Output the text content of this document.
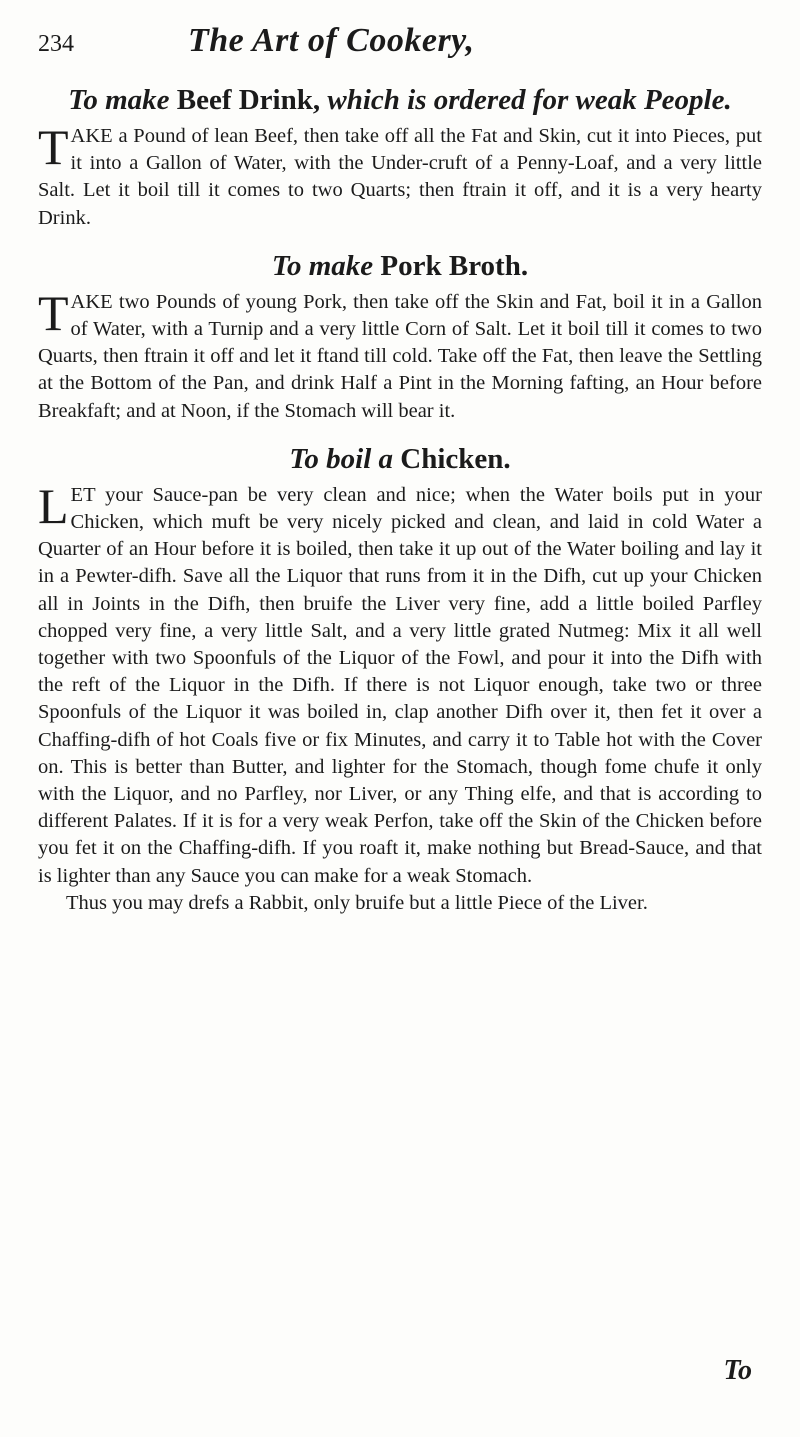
234	The Art of Cookery,
To make Beef Drink, which is ordered for weak People.

TAKE a Pound of lean Beef, then take off all the Fat and Skin, cut it into Pieces, put it into a Gallon of Water, with the Under-cruft of a Penny-Loaf, and a very little Salt. Let it boil till it comes to two Quarts; then ftrain it off, and it is a very hearty Drink.

To make Pork Broth.

TAKE two Pounds of young Pork, then take off the Skin and Fat, boil it in a Gallon of Water, with a Turnip and a very little Corn of Salt. Let it boil till it comes to two Quarts, then ftrain it off and let it ftand till cold. Take off the Fat, then leave the Settling at the Bottom of the Pan, and drink Half a Pint in the Morning fafting, an Hour before Breakfaft; and at Noon, if the Stomach will bear it.

To boil a Chicken.

LET your Sauce-pan be very clean and nice; when the Water boils put in your Chicken, which muft be very nicely picked and clean, and laid in cold Water a Quarter of an Hour before it is boiled, then take it up out of the Water boiling and lay it in a Pewter-difh. Save all the Liquor that runs from it in the Difh, cut up your Chicken all in Joints in the Difh, then bruife the Liver very fine, add a little boiled Parfley chopped very fine, a very little Salt, and a very little grated Nutmeg: Mix it all well together with two Spoonfuls of the Liquor of the Fowl, and pour it into the Difh with the reft of the Liquor in the Difh. If there is not Liquor enough, take two or three Spoonfuls of the Liquor it was boiled in, clap another Difh over it, then fet it over a Chaffing-difh of hot Coals five or fix Minutes, and carry it to Table hot with the Cover on. This is better than Butter, and lighter for the Stomach, though fome chufe it only with the Liquor, and no Parfley, nor Liver, or any Thing elfe, and that is according to different Palates. If it is for a very weak Perfon, take off the Skin of the Chicken before you fet it on the Chaffing-difh. If you roaft it, make nothing but Bread-Sauce, and that is lighter than any Sauce you can make for a weak Stomach.

Thus you may drefs a Rabbit, only bruife but a little Piece of the Liver.

To
